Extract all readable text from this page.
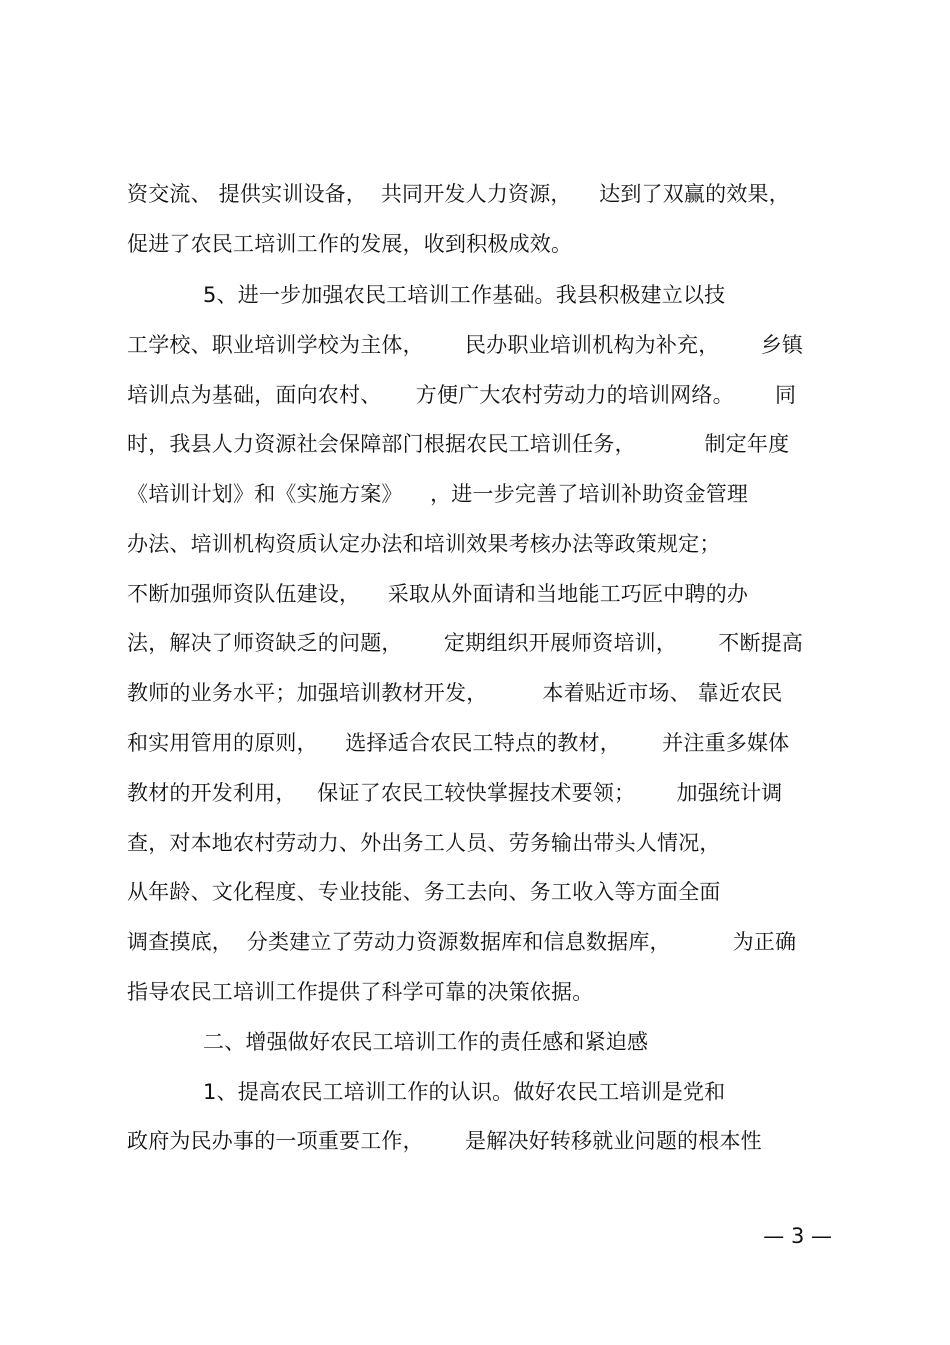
资交流、 提供实训设备，  共同开发人力资源，    达到了双赢的效果，
促进了农民工培训工作的发展，收到积极成效。
5、进一步加强农民工培训工作基础。我县积极建立以技
工学校、职业培训学校为主体，      民办职业培训机构为补充，      乡镇
培训点为基础，面向农村、     方便广大农村劳动力的培训网络。      同
时，我县人力资源社会保障部门根据农民工培训任务，          制定年度
《培训计划》和《实施方案》    ，进一步完善了培训补助资金管理
办法、培训机构资质认定办法和培训效果考核办法等政策规定；
不断加强师资队伍建设，    采取从外面请和当地能工巧匠中聘的办
法，解决了师资缺乏的问题，      定期组织开展师资培训，      不断提高
教师的业务水平；加强培训教材开发，        本着贴近市场、 靠近农民
和实用管用的原则，    选择适合农民工特点的教材，      并注重多媒体
教材的开发利用，   保证了农民工较快掌握技术要领；      加强统计调
查，对本地农村劳动力、外出务工人员、劳务输出带头人情况，
从年龄、文化程度、专业技能、务工去向、务工收入等方面全面
调查摸底，  分类建立了劳动力资源数据库和信息数据库，         为正确
指导农民工培训工作提供了科学可靠的决策依据。
二、增强做好农民工培训工作的责任感和紧迫感
1、提高农民工培训工作的认识。做好农民工培训是党和
政府为民办事的一项重要工作，      是解决好转移就业问题的根本性
— 3 —
